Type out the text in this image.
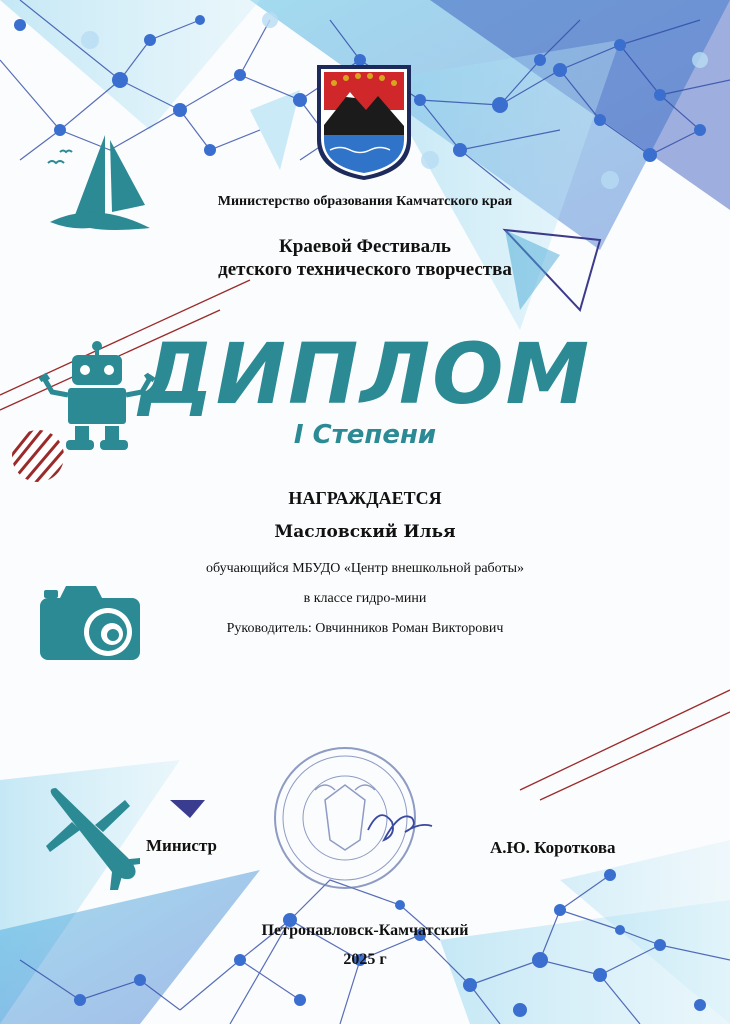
Министерство образования Камчатского края
Краевой Фестиваль
детского технического творчества
ДИПЛОМ
I Степени
НАГРАЖДАЕТСЯ
Масловский Илья
обучающийся МБУДО «Центр внешкольной работы»
в классе гидро-мини
Руководитель: Овчинников Роман Викторович
Министр	А.Ю. Короткова
Петропавловск-Камчатский
2025 г
